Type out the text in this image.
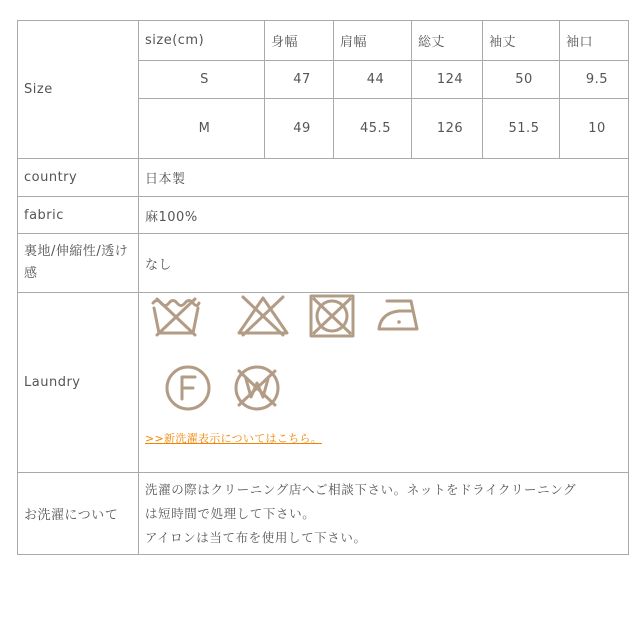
Size	size(cm)	身幅	肩幅	総丈	袖丈	袖口
	S	47	44	124	50	9.5
	M	49	45.5	126	51.5	10
country	日本製					
fabric	麻100%					
裏地/伸縮性/透け感	なし					
Laundry	>>新洗濯表示についてはこちら。					

お洗濯について	洗濯の際はクリーニング店へご相談下さい。ネットをドライクリーニング

は短時間で処理して下さい。

アイロンは当て布を使用して下さい。					
